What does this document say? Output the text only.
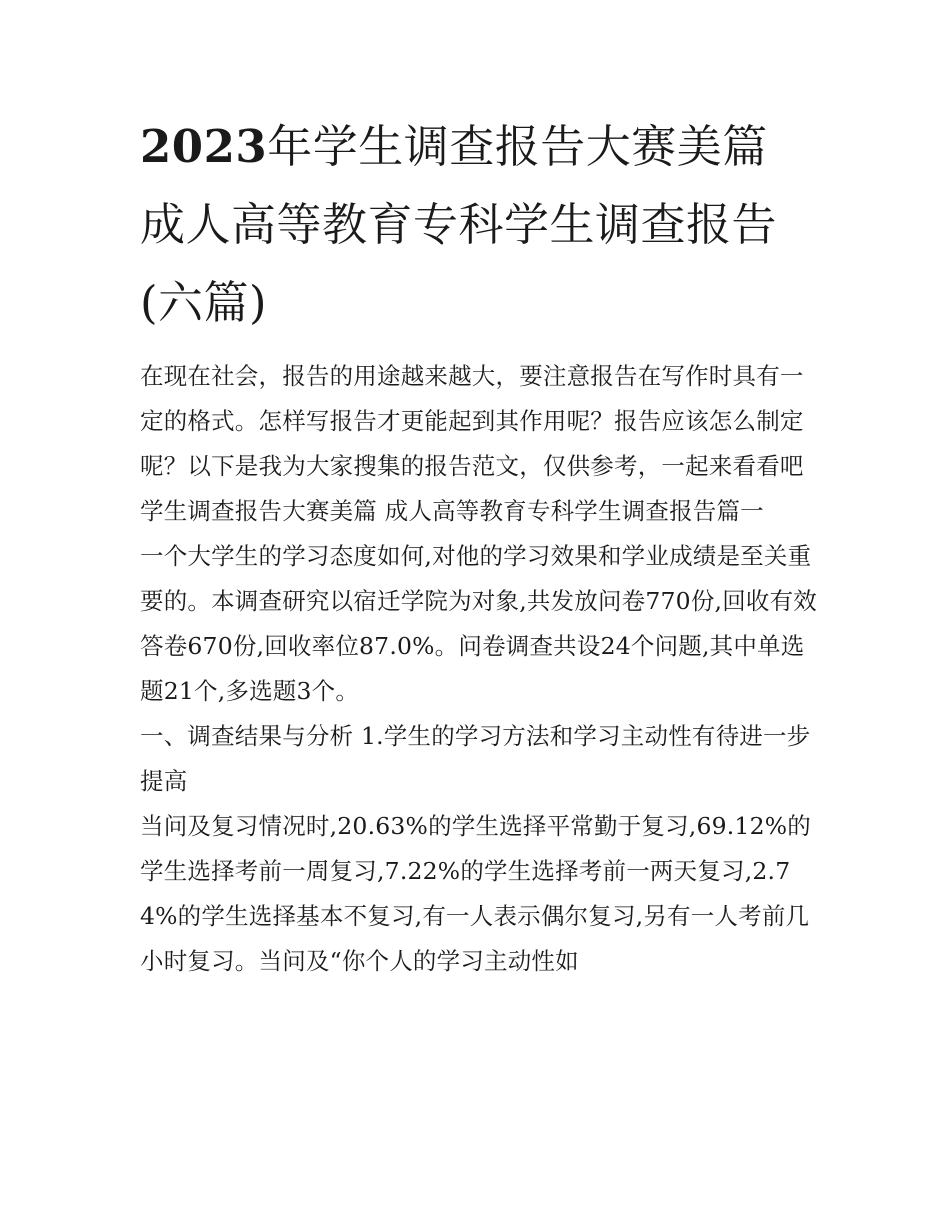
2023年学生调查报告大赛美篇 成人高等教育专科学生调查报告(六篇)

在现在社会，报告的用途越来越大，要注意报告在写作时具有一定的格式。怎样写报告才更能起到其作用呢？报告应该怎么制定呢？以下是我为大家搜集的报告范文，仅供参考，一起来看看吧

学生调查报告大赛美篇 成人高等教育专科学生调查报告篇一

一个大学生的学习态度如何,对他的学习效果和学业成绩是至关重要的。本调查研究以宿迁学院为对象,共发放问卷770份,回收有效答卷670份,回收率位87.0%。问卷调查共设24个问题,其中单选题21个,多选题3个。

一、调查结果与分析 1.学生的学习方法和学习主动性有待进一步提高

当问及复习情况时,20.63%的学生选择平常勤于复习,69.12%的学生选择考前一周复习,7.22%的学生选择考前一两天复习,2.74%的学生选择基本不复习,有一人表示偶尔复习,另有一人考前几小时复习。当问及“你个人的学习主动性如
